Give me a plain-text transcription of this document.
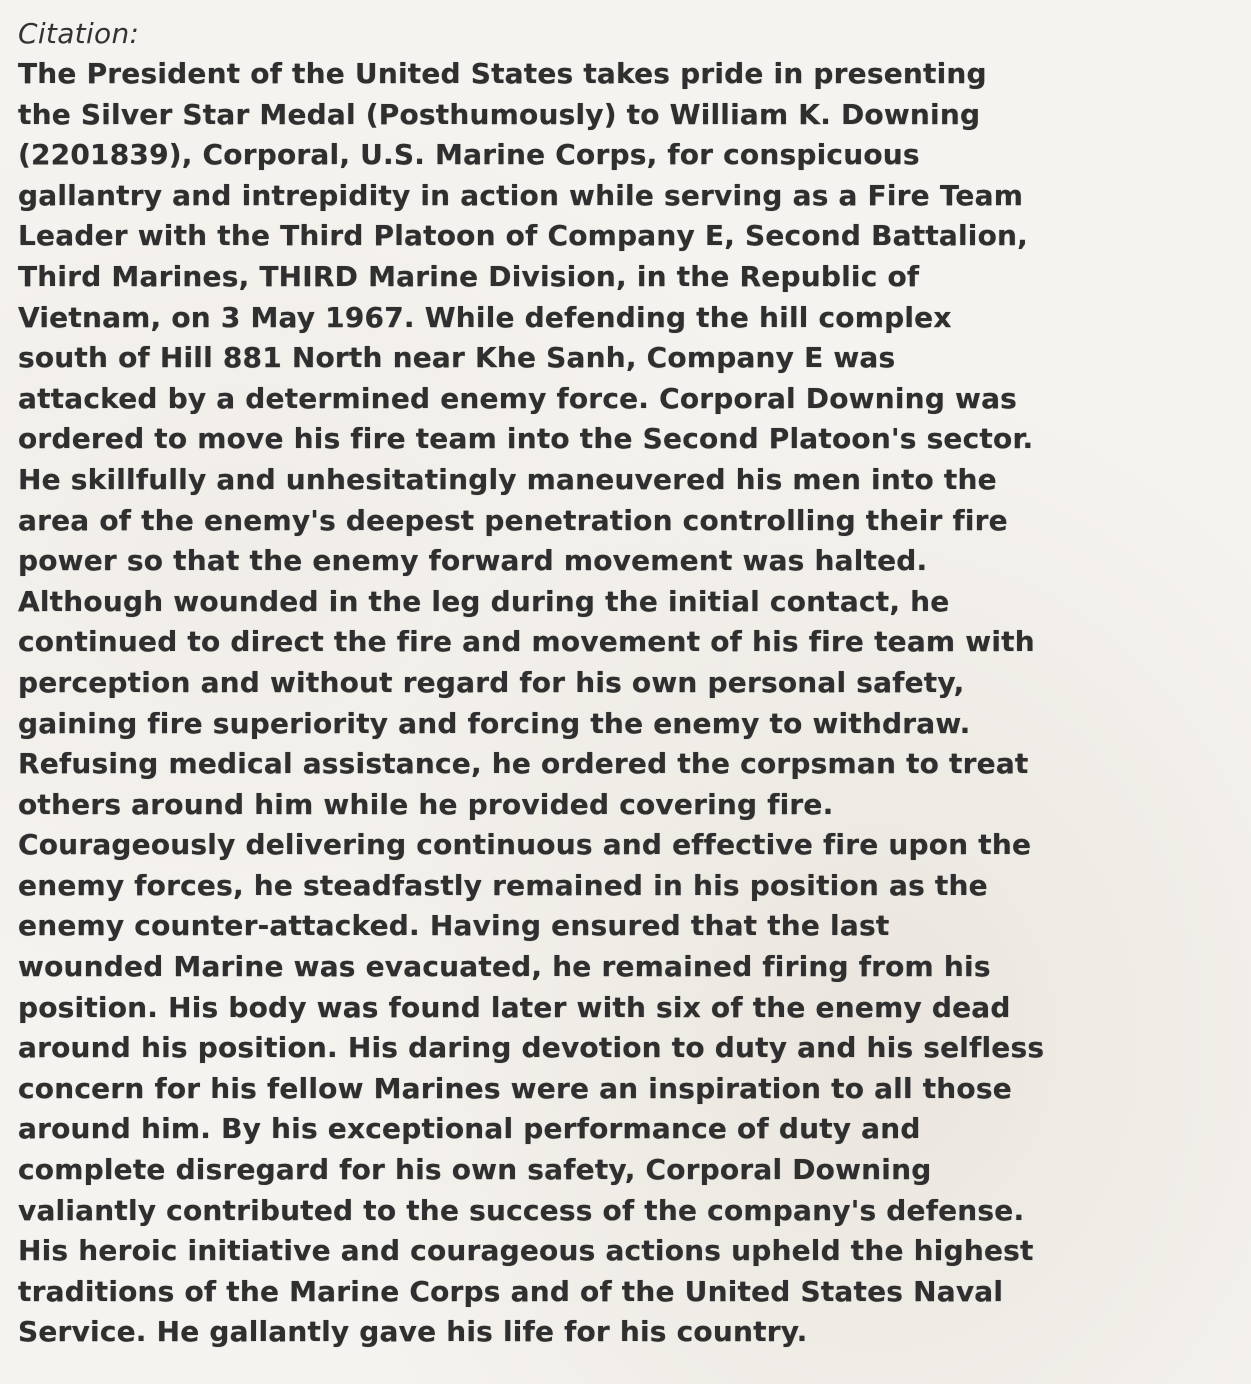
Citation:
The President of the United States takes pride in presenting
the Silver Star Medal (Posthumously) to William K. Downing
(2201839), Corporal, U.S. Marine Corps, for conspicuous
gallantry and intrepidity in action while serving as a Fire Team
Leader with the Third Platoon of Company E, Second Battalion,
Third Marines, THIRD Marine Division, in the Republic of
Vietnam, on 3 May 1967. While defending the hill complex
south of Hill 881 North near Khe Sanh, Company E was
attacked by a determined enemy force. Corporal Downing was
ordered to move his fire team into the Second Platoon's sector.
He skillfully and unhesitatingly maneuvered his men into the
area of the enemy's deepest penetration controlling their fire
power so that the enemy forward movement was halted.
Although wounded in the leg during the initial contact, he
continued to direct the fire and movement of his fire team with
perception and without regard for his own personal safety,
gaining fire superiority and forcing the enemy to withdraw.
Refusing medical assistance, he ordered the corpsman to treat
others around him while he provided covering fire.
Courageously delivering continuous and effective fire upon the
enemy forces, he steadfastly remained in his position as the
enemy counter-attacked. Having ensured that the last
wounded Marine was evacuated, he remained firing from his
position. His body was found later with six of the enemy dead
around his position. His daring devotion to duty and his selfless
concern for his fellow Marines were an inspiration to all those
around him. By his exceptional performance of duty and
complete disregard for his own safety, Corporal Downing
valiantly contributed to the success of the company's defense.
His heroic initiative and courageous actions upheld the highest
traditions of the Marine Corps and of the United States Naval
Service. He gallantly gave his life for his country.
